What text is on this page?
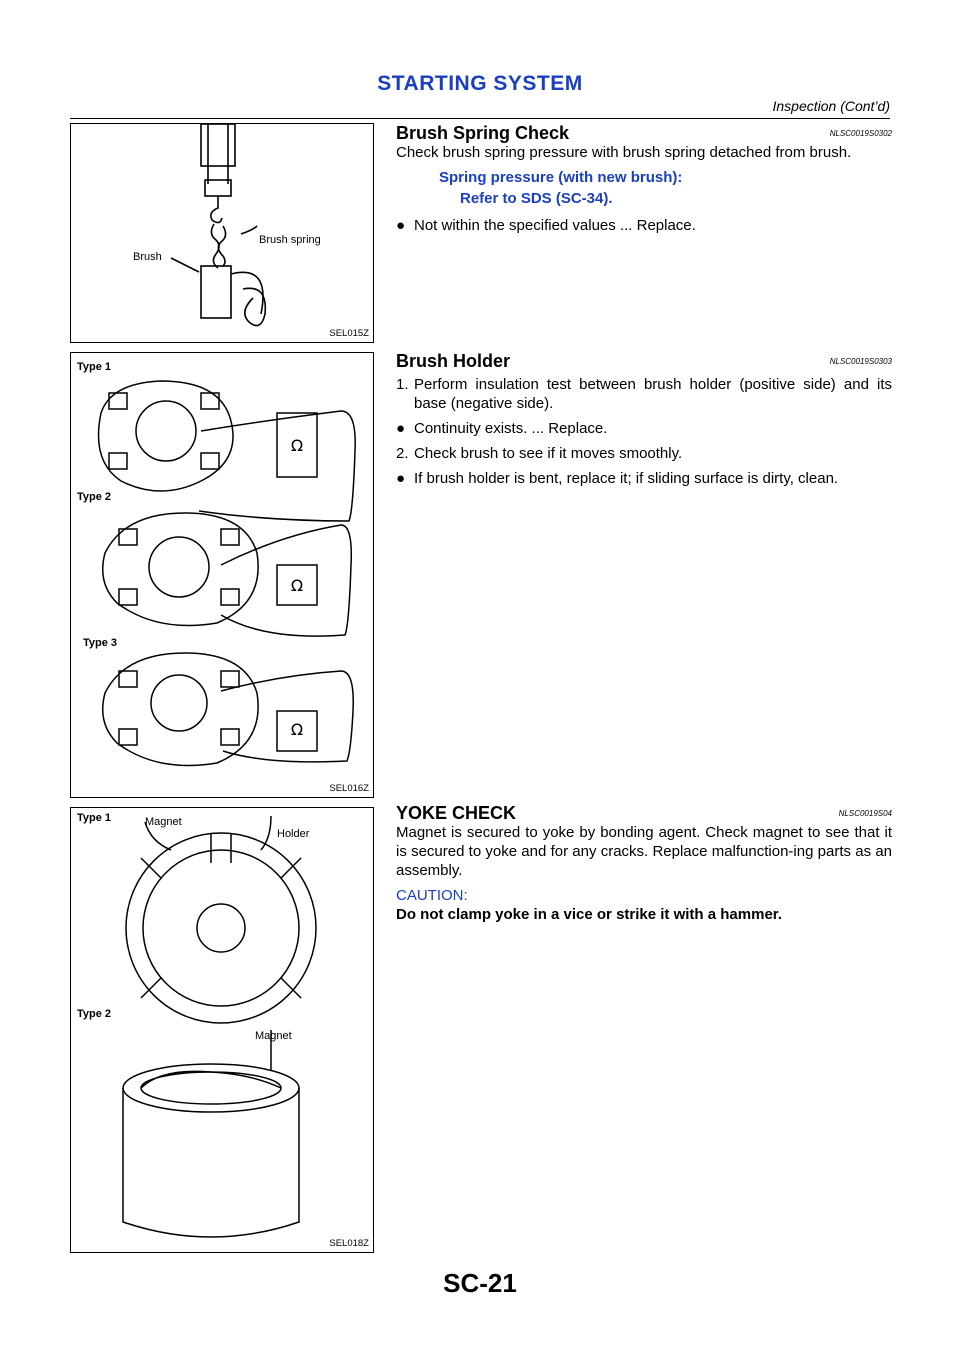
STARTING SYSTEM
Inspection (Cont’d)
Brush
Brush spring
SEL015Z
Ω
Ω
Ω
Type 1
Type 2
Type 3
SEL016Z
Type 1	Magnet
Holder
Type 2
Magnet
SEL018Z
Brush Spring Check	NLSC0019S0302

Check brush spring pressure with brush spring detached from brush.

Spring pressure (with new brush):
Refer to SDS (SC-34).
● Not within the specified values ... Replace.
Brush Holder	NLSC0019S0303
1. Perform insulation test between brush holder (positive side) and its base (negative side).
● Continuity exists. ... Replace.
2. Check brush to see if it moves smoothly.
● If brush holder is bent, replace it; if sliding surface is dirty, clean.
YOKE CHECK	NLSC0019S04

Magnet is secured to yoke by bonding agent. Check magnet to see that it is secured to yoke and for any cracks. Replace malfunction-ing parts as an assembly.

CAUTION:
Do not clamp yoke in a vice or strike it with a hammer.
SC-21
